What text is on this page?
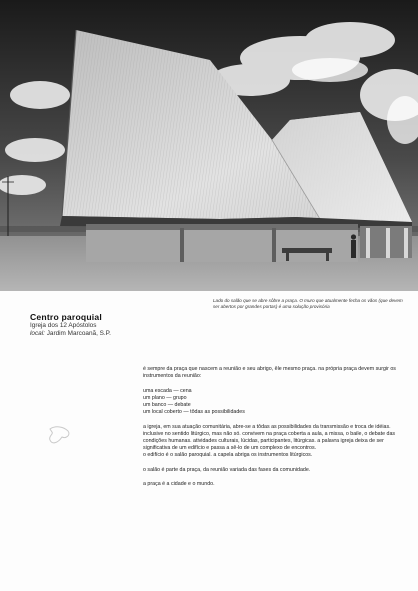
Lado do salão que se abre sôbre a praça. O muro que atualmente fecha os vãos (que devem ser abertos por grandes portas) é uma solução provisória
Centro paroquial
Igreja dos 12 Apóstolos
local: Jardim Marcoanã, S.P.

é sempre da praça que nascem a reunião e seu abrigo, êle mesmo praça. na própria praça devem surgir os instrumentos da reunião:

uma escada — cena

um plano — grupo

um banco — debate

um local coberto — tôdas as possibilidades

a igreja, em sua atuação comunitária, abre-se a tôdas as possibilidades da transmissão e troca de idéias. inclusive no sentido litúrgico, mas não só. convivem na praça coberta a aula, a missa, o baile, o debate das condições humanas. atividades culturais, lúcidas, participantes, litúrgicas. a palavra igreja deixa de ser significativa de um edifício e passa a sê-lo de um complexo de encontros.

o edifício é o salão paroquial. a capela abriga os instrumentos litúrgicos.

o salão é parte da praça, da reunião variada das fases da comunidade.

a praça é a cidade e o mundo.
